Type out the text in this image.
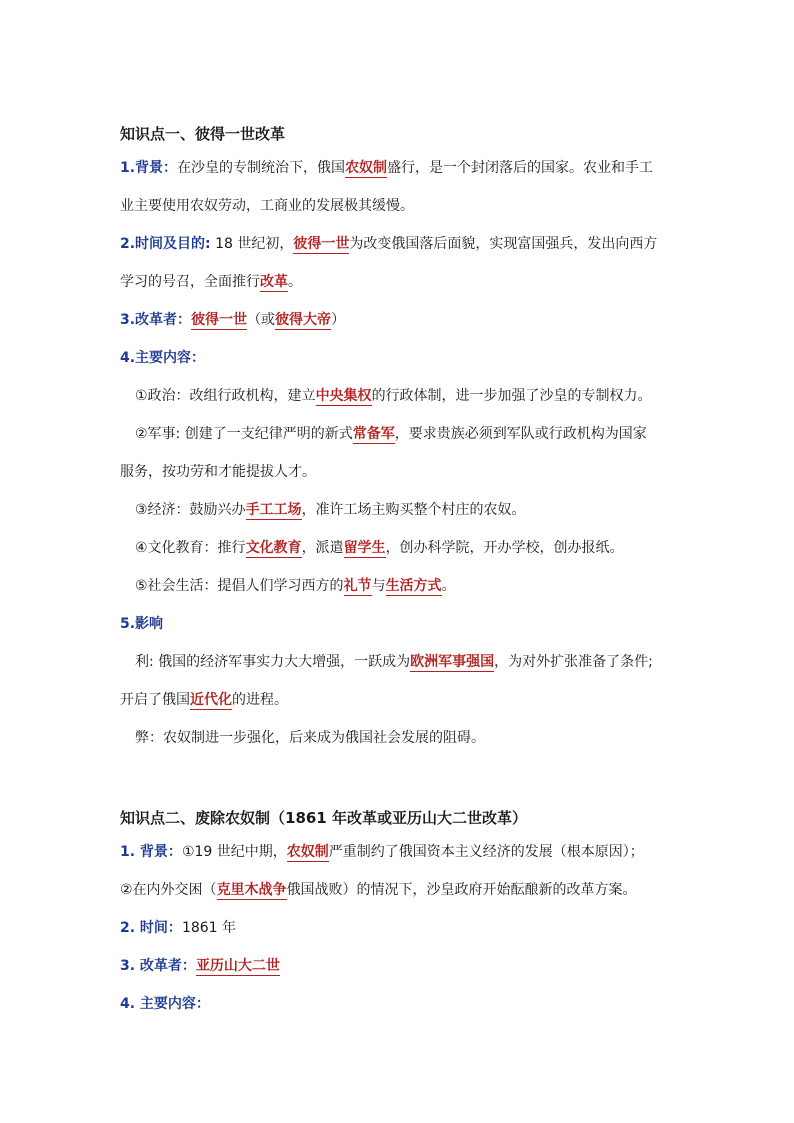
知识点一、彼得一世改革
1.背景：在沙皇的专制统治下，俄国农奴制盛行，是一个封闭落后的国家。农业和手工
业主要使用农奴劳动，工商业的发展极其缓慢。
2.时间及目的: 18 世纪初，彼得一世为改变俄国落后面貌，实现富国强兵，发出向西方
学习的号召，全面推行改革。
3.改革者：彼得一世（或彼得大帝）
4.主要内容：
①政治：改组行政机构，建立中央集权的行政体制，进一步加强了沙皇的专制权力。
②军事: 创建了一支纪律严明的新式常备军，要求贵族必须到军队或行政机构为国家
服务，按功劳和才能提拔人才。
③经济：鼓励兴办手工工场，准许工场主购买整个村庄的农奴。
④文化教育：推行文化教育，派遣留学生，创办科学院，开办学校，创办报纸。
⑤社会生活：提倡人们学习西方的礼节与生活方式。
5.影响
利: 俄国的经济军事实力大大增强，一跃成为欧洲军事强国，为对外扩张准备了条件;
开启了俄国近代化的进程。
弊：农奴制进一步强化，后来成为俄国社会发展的阻碍。
知识点二、废除农奴制（1861 年改革或亚历山大二世改革）
1. 背景：①19 世纪中期，农奴制严重制约了俄国资本主义经济的发展（根本原因）；
②在内外交困（克里木战争俄国战败）的情况下，沙皇政府开始酝酿新的改革方案。
2. 时间：1861 年
3. 改革者：亚历山大二世
4. 主要内容：
